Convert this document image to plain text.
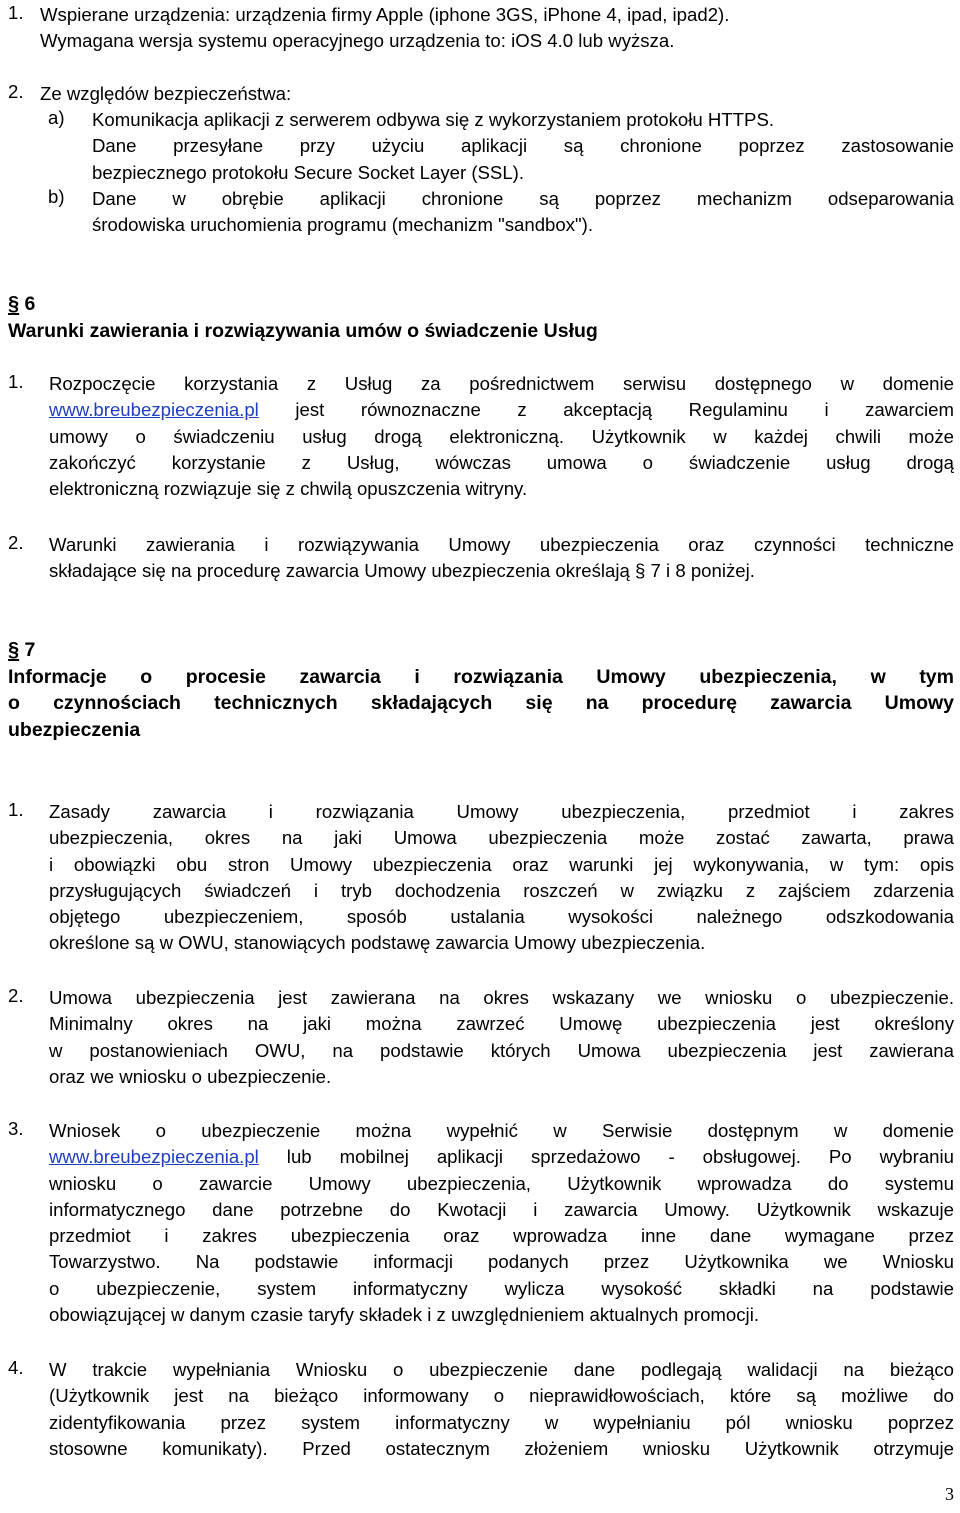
1. Wspierane urządzenia: urządzenia firmy Apple (iphone 3GS, iPhone 4, ipad, ipad2).
Wymagana wersja systemu operacyjnego urządzenia to: iOS 4.0 lub wyższa.
2. Ze względów bezpieczeństwa:
a) Komunikacja aplikacji z serwerem odbywa się z wykorzystaniem protokołu HTTPS.
Dane przesyłane przy użyciu aplikacji są chronione poprzez zastosowanie
bezpiecznego protokołu Secure Socket Layer (SSL).
b) Dane w obrębie aplikacji chronione są poprzez mechanizm odseparowania
środowiska uruchomienia programu (mechanizm "sandbox").
§ 6
Warunki zawierania i rozwiązywania umów o świadczenie Usług
1. Rozpoczęcie korzystania z Usług za pośrednictwem serwisu dostępnego w domenie
www.breubezpieczenia.pl jest równoznaczne z akceptacją Regulaminu i zawarciem
umowy o świadczeniu usług drogą elektroniczną. Użytkownik w każdej chwili może
zakończyć korzystanie z Usług, wówczas umowa o świadczenie usług drogą
elektroniczną rozwiązuje się z chwilą opuszczenia witryny.
2. Warunki zawierania i rozwiązywania Umowy ubezpieczenia oraz czynności techniczne
składające się na procedurę zawarcia Umowy ubezpieczenia określają § 7 i 8 poniżej.
§ 7
Informacje o procesie zawarcia i rozwiązania Umowy ubezpieczenia, w tym
o czynnościach technicznych składających się na procedurę zawarcia Umowy
ubezpieczenia
1. Zasady zawarcia i rozwiązania Umowy ubezpieczenia, przedmiot i zakres
ubezpieczenia, okres na jaki Umowa ubezpieczenia może zostać zawarta, prawa
i obowiązki obu stron Umowy ubezpieczenia oraz warunki jej wykonywania, w tym: opis
przysługujących świadczeń i tryb dochodzenia roszczeń w związku z zajściem zdarzenia
objętego ubezpieczeniem, sposób ustalania wysokości należnego odszkodowania
określone są w OWU, stanowiących podstawę zawarcia Umowy ubezpieczenia.
2. Umowa ubezpieczenia jest zawierana na okres wskazany we wniosku o ubezpieczenie.
Minimalny okres na jaki można zawrzeć Umowę ubezpieczenia jest określony
w postanowieniach OWU, na podstawie których Umowa ubezpieczenia jest zawierana
oraz we wniosku o ubezpieczenie.
3. Wniosek o ubezpieczenie można wypełnić w Serwisie dostępnym w domenie
www.breubezpieczenia.pl lub mobilnej aplikacji sprzedażowo - obsługowej. Po wybraniu
wniosku o zawarcie Umowy ubezpieczenia, Użytkownik wprowadza do systemu
informatycznego dane potrzebne do Kwotacji i zawarcia Umowy. Użytkownik wskazuje
przedmiot i zakres ubezpieczenia oraz wprowadza inne dane wymagane przez
Towarzystwo. Na podstawie informacji podanych przez Użytkownika we Wniosku
o ubezpieczenie, system informatyczny wylicza wysokość składki na podstawie
obowiązującej w danym czasie taryfy składek i z uwzględnieniem aktualnych promocji.
4. W trakcie wypełniania Wniosku o ubezpieczenie dane podlegają walidacji na bieżąco
(Użytkownik jest na bieżąco informowany o nieprawidłowościach, które są możliwe do
zidentyfikowania przez system informatyczny w wypełnianiu pól wniosku poprzez
stosowne komunikaty). Przed ostatecznym złożeniem wniosku Użytkownik otrzymuje
3
